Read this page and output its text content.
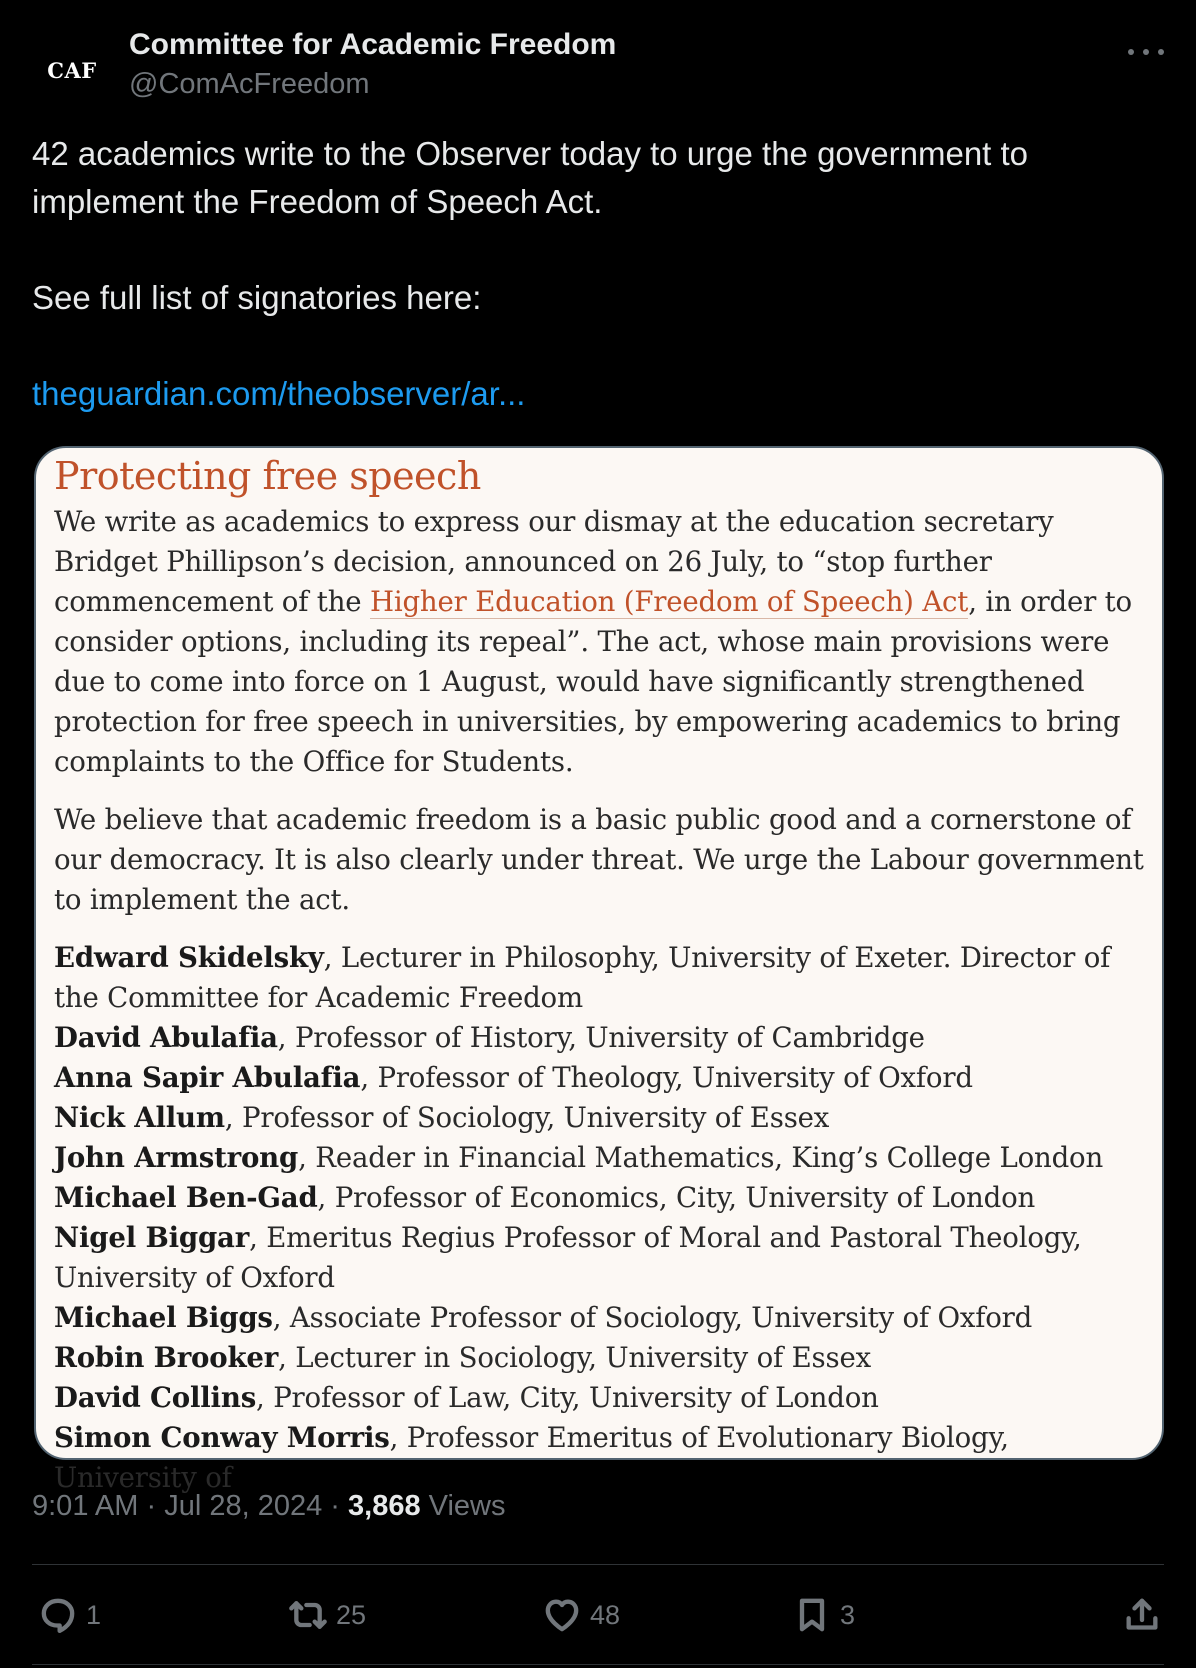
CAF
Committee for Academic Freedom
@ComAcFreedom

42 academics write to the Observer today to urge the government to implement the Freedom of Speech Act.

See full list of signatories here:

theguardian.com/theobserver/ar...

Protecting free speech

We write as academics to express our dismay at the education secretary Bridget Phillipson’s decision, announced on 26 July, to “stop further commencement of the Higher Education (Freedom of Speech) Act, in order to consider options, including its repeal”. The act, whose main provisions were due to come into force on 1 August, would have significantly strengthened protection for free speech in universities, by empowering academics to bring complaints to the Office for Students.

We believe that academic freedom is a basic public good and a cornerstone of our democracy. It is also clearly under threat. We urge the Labour government to implement the act.

Edward Skidelsky, Lecturer in Philosophy, University of Exeter. Director of the Committee for Academic Freedom
David Abulafia, Professor of History, University of Cambridge
Anna Sapir Abulafia, Professor of Theology, University of Oxford
Nick Allum, Professor of Sociology, University of Essex
John Armstrong, Reader in Financial Mathematics, King’s College London
Michael Ben-Gad, Professor of Economics, City, University of London
Nigel Biggar, Emeritus Regius Professor of Moral and Pastoral Theology, University of Oxford
Michael Biggs, Associate Professor of Sociology, University of Oxford
Robin Brooker, Lecturer in Sociology, University of Essex
David Collins, Professor of Law, City, University of London
Simon Conway Morris, Professor Emeritus of Evolutionary Biology, University of
9:01 AM · Jul 28, 2024 · 3,868 Views
1	25	48	3
